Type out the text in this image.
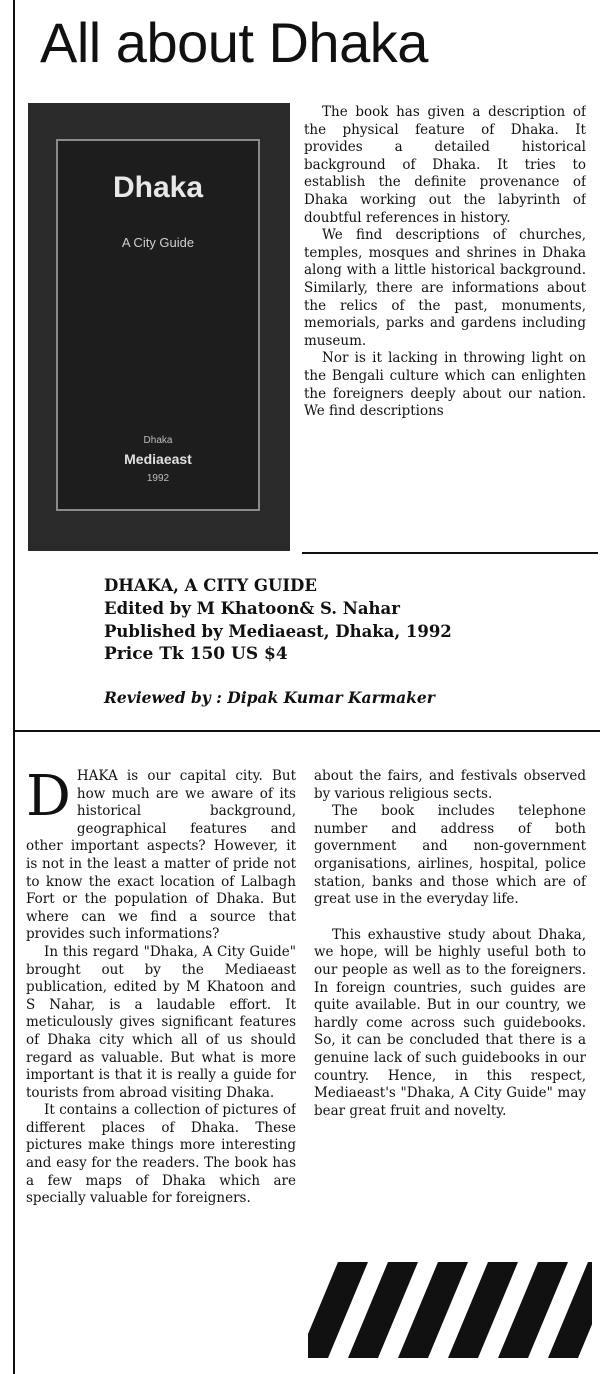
All about Dhaka
Dhaka
A City Guide
Dhaka
Mediaeast
1992

The book has given a description of the physical feature of Dhaka. It provides a detailed historical background of Dhaka. It tries to establish the definite provenance of Dhaka working out the labyrinth of doubtful references in history.

We find descriptions of churches, temples, mosques and shrines in Dhaka along with a little historical background. Similarly, there are informations about the relics of the past, monuments, memorials, parks and gardens including museum.

Nor is it lacking in throwing light on the Bengali culture which can enlighten the foreigners deeply about our nation. We find descriptions

DHAKA, A CITY GUIDE
Edited by M Khatoon& S. Nahar
Published by Mediaeast, Dhaka, 1992
Price Tk 150 US $4
Reviewed by : Dipak Kumar Karmaker

DHAKA is our capital city. But how much are we aware of its historical background, geographical features and other important aspects? However, it is not in the least a matter of pride not to know the exact location of Lalbagh Fort or the population of Dhaka. But where can we find a source that provides such informations?

In this regard "Dhaka, A City Guide" brought out by the Mediaeast publication, edited by M Khatoon and S Nahar, is a laudable effort. It meticulously gives significant features of Dhaka city which all of us should regard as valuable. But what is more important is that it is really a guide for tourists from abroad visiting Dhaka.

It contains a collection of pictures of different places of Dhaka. These pictures make things more interesting and easy for the readers. The book has a few maps of Dhaka which are specially valuable for foreigners.

about the fairs, and festivals observed by various religious sects.

The book includes telephone number and address of both government and non-government organisations, airlines, hospital, police station, banks and those which are of great use in the everyday life.

This exhaustive study about Dhaka, we hope, will be highly useful both to our people as well as to the foreigners. In foreign countries, such guides are quite available. But in our country, we hardly come across such guidebooks. So, it can be concluded that there is a genuine lack of such guidebooks in our country. Hence, in this respect, Mediaeast's "Dhaka, A City Guide" may bear great fruit and novelty.
